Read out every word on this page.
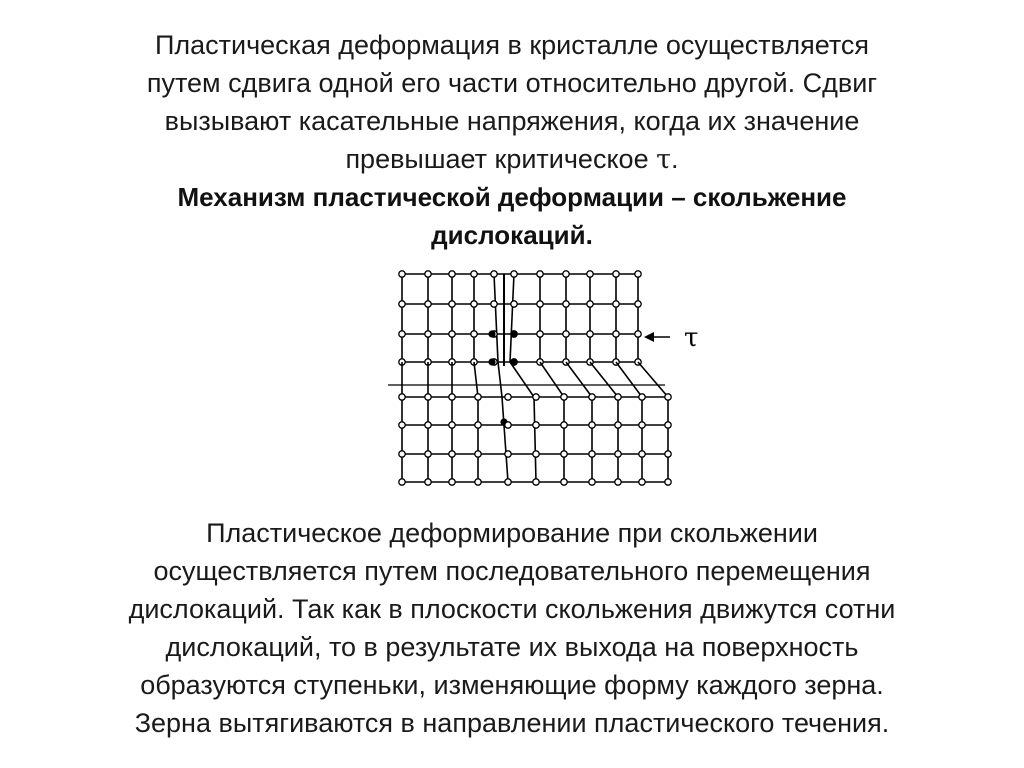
Пластическая деформация в кристалле осуществляется
путем сдвига одной его части относительно другой. Сдвиг
вызывают касательные напряжения, когда их значение
превышает критическое τ.
Механизм пластической деформации – скольжение
дислокаций.
τ
Пластическое деформирование при скольжении
осуществляется путем последовательного перемещения
дислокаций. Так как в плоскости скольжения движутся сотни
дислокаций, то в результате их выхода на поверхность
образуются ступеньки, изменяющие форму каждого зерна.
Зерна вытягиваются в направлении пластического течения.
